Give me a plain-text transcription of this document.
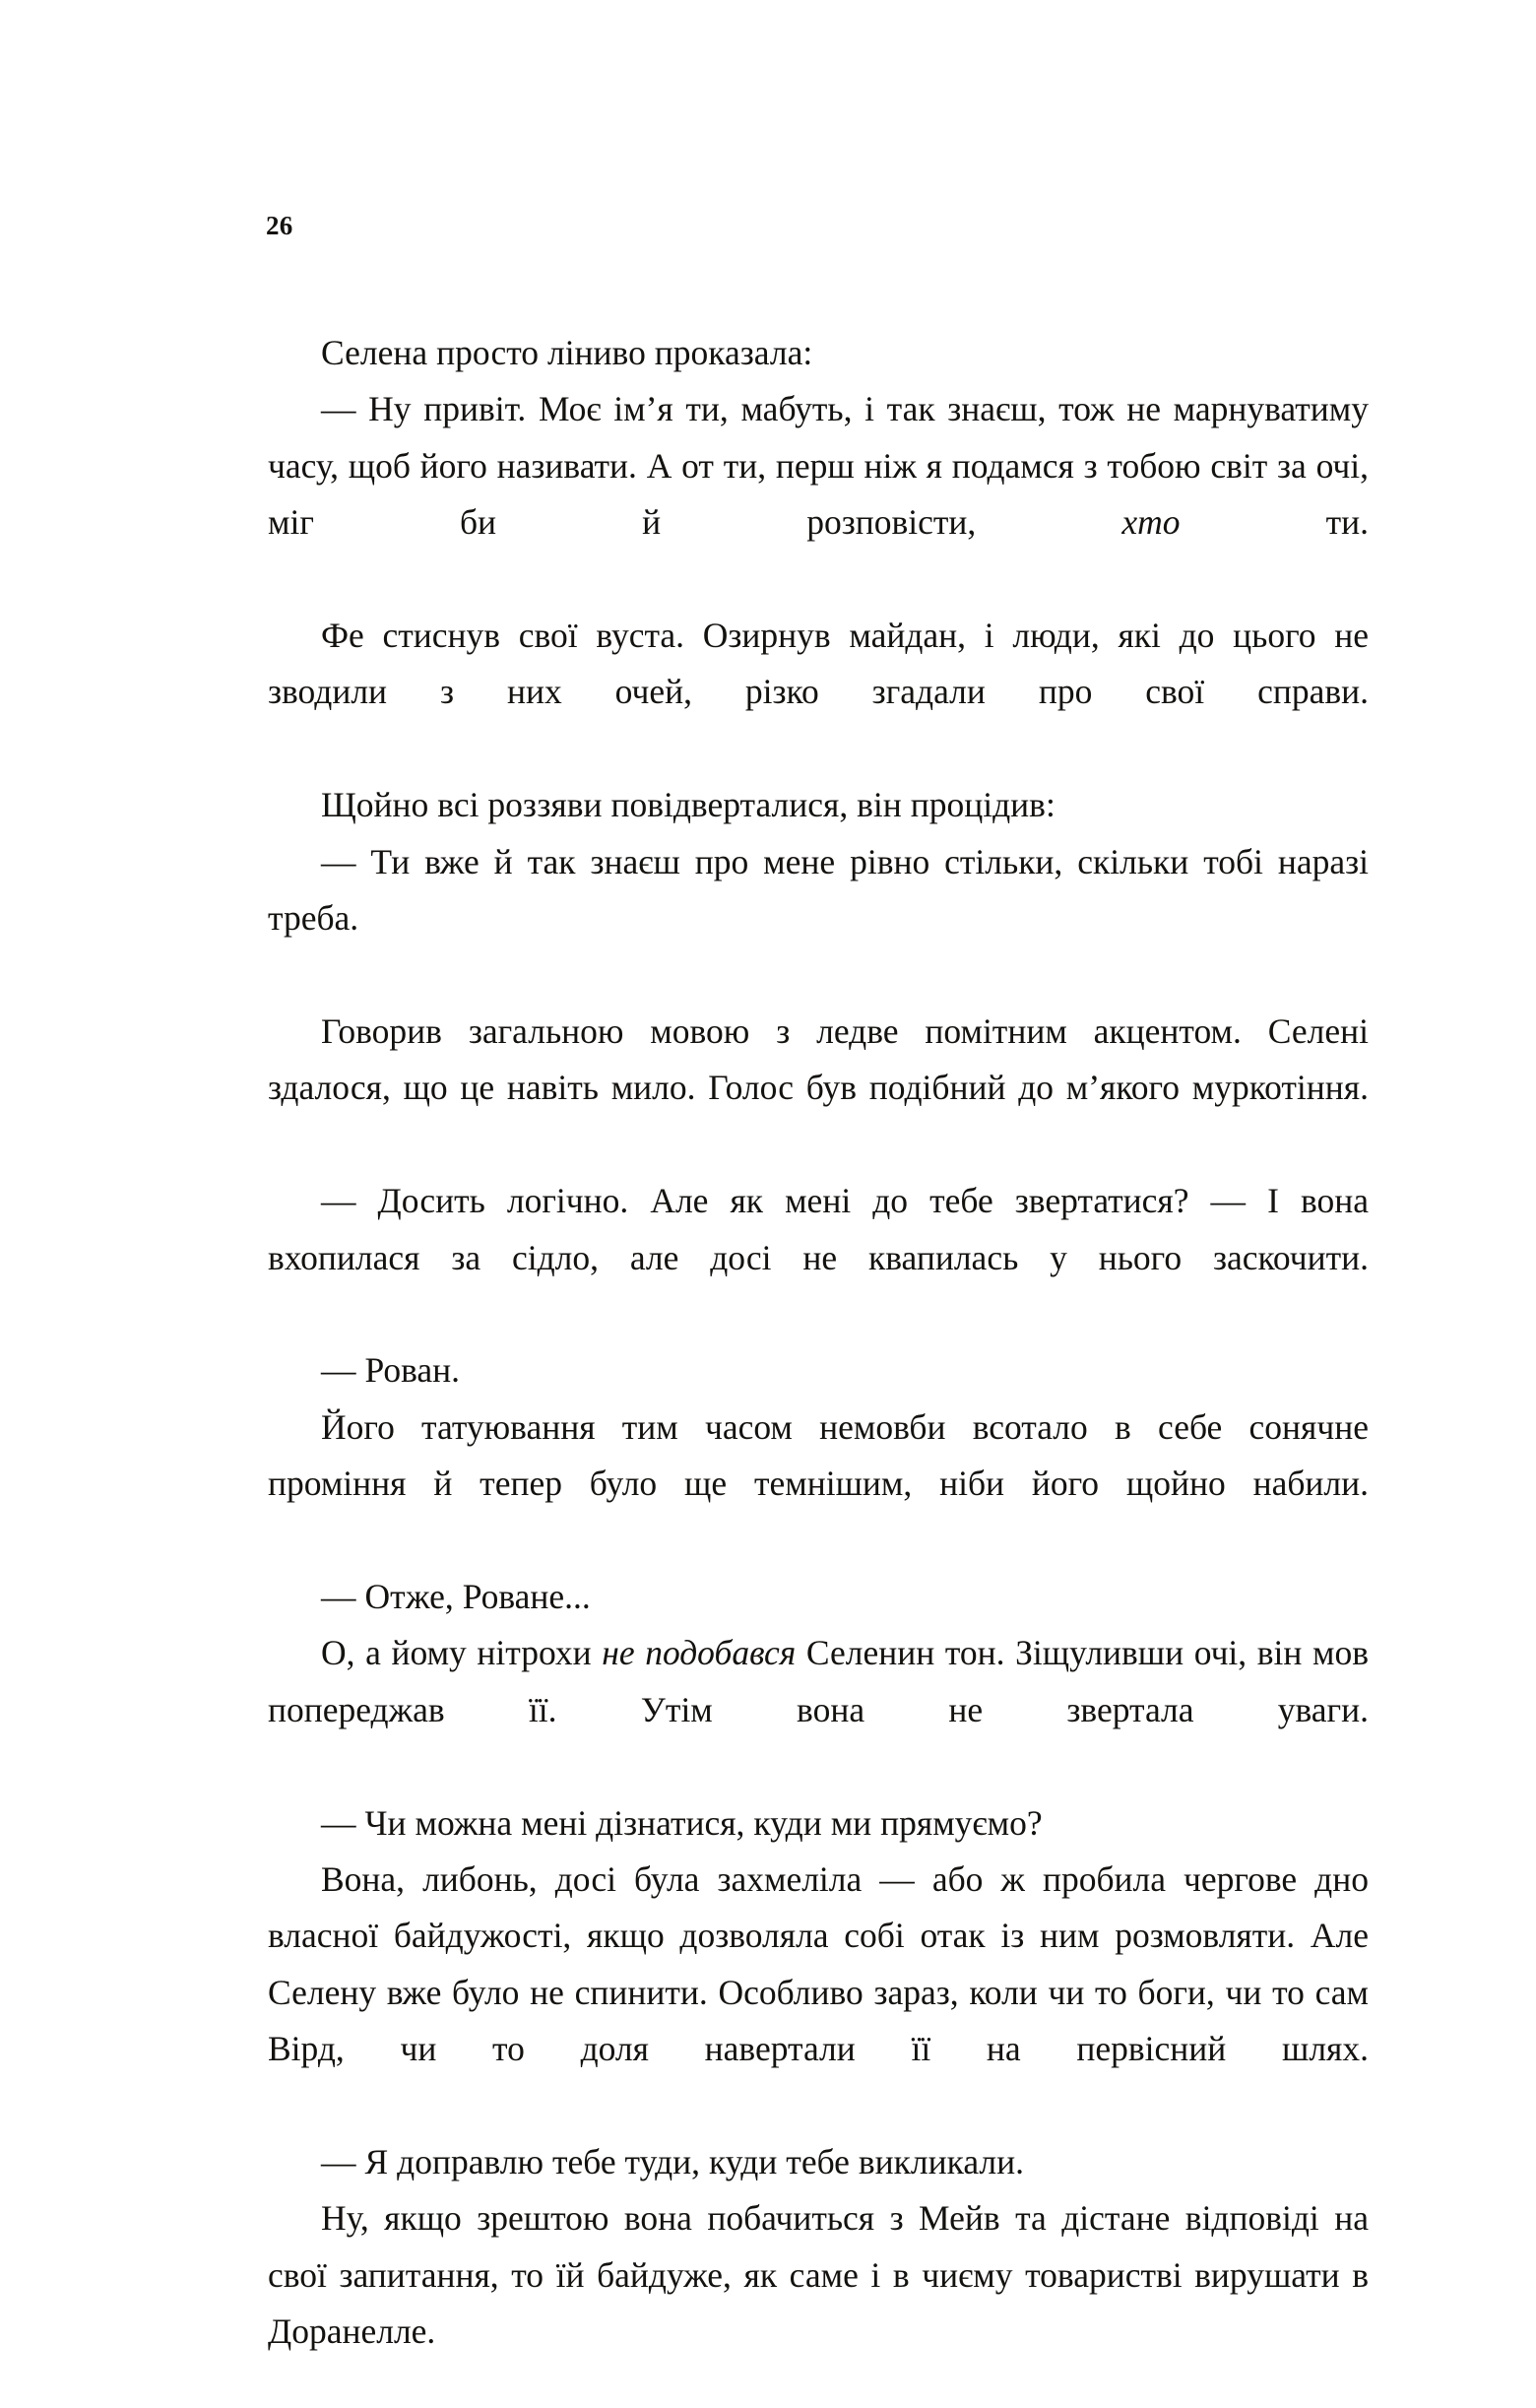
26

Селена просто ліниво проказала:

— Ну привіт. Моє ім’я ти, мабуть, і так знаєш, тож не марнуватиму часу, щоб його називати. А от ти, перш ніж я подамся з тобою світ за очі, міг би й розповісти, хто ти.

Фе стиснув свої вуста. Озирнув майдан, і люди, які до цього не зводили з них очей, різко згадали про свої справи.

Щойно всі роззяви повідверталися, він процідив:

— Ти вже й так знаєш про мене рівно стільки, скільки тобі наразі треба.

Говорив загальною мовою з ледве помітним акцентом. Селені здалося, що це навіть мило. Голос був подібний до м’якого муркотіння.

— Досить логічно. Але як мені до тебе звертатися? — І вона вхопилася за сідло, але досі не квапилась у нього заскочити.

— Рован.

Його татуювання тим часом немовби всотало в себе сонячне проміння й тепер було ще темнішим, ніби його щойно набили.

— Отже, Роване...

О, а йому нітрохи не подобався Селенин тон. Зіщуливши очі, він мов попереджав її. Утім вона не звертала уваги.

— Чи можна мені дізнатися, куди ми прямуємо?

Вона, либонь, досі була захмеліла — або ж пробила чергове дно власної байдужості, якщо дозволяла собі отак із ним розмовляти. Але Селену вже було не спинити. Особливо зараз, коли чи то боги, чи то сам Вірд, чи то доля навертали її на первісний шлях.

— Я доправлю тебе туди, куди тебе викликали.

Ну, якщо зрештою вона побачиться з Мейв та дістане відповіді на свої запитання, то їй байдуже, як саме і в чиєму товаристві вирушати в Доранелле.
